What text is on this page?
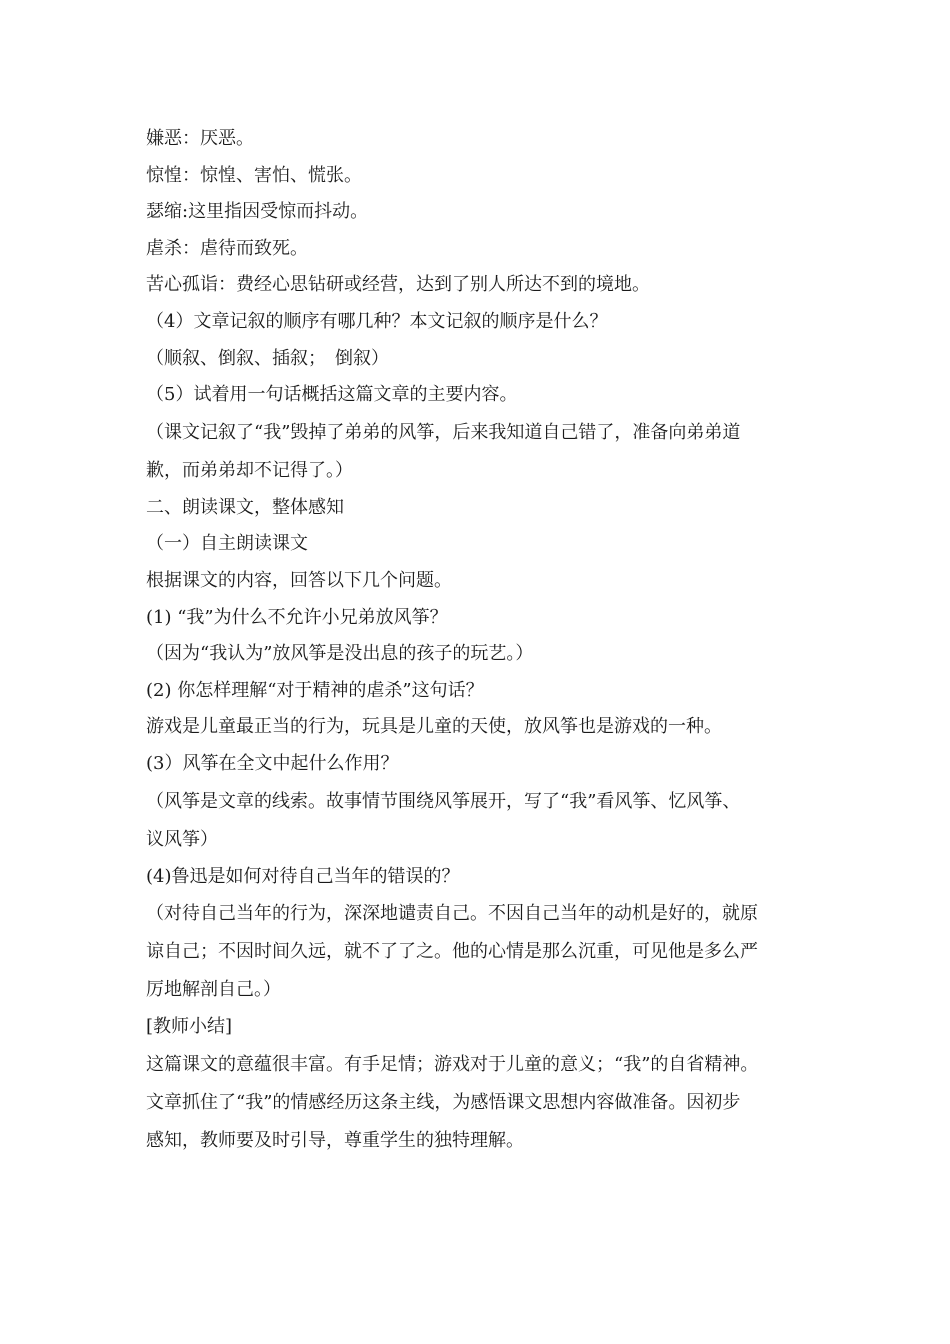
嫌恶：厌恶。
惊惶：惊惶、害怕、慌张。
瑟缩:这里指因受惊而抖动。
虐杀：虐待而致死。
苦心孤诣：费经心思钻研或经营，达到了别人所达不到的境地。
（4）文章记叙的顺序有哪几种？本文记叙的顺序是什么？
（顺叙、倒叙、插叙；　倒叙）
（5）试着用一句话概括这篇文章的主要内容。
（课文记叙了“我”毁掉了弟弟的风筝，后来我知道自己错了，准备向弟弟道
歉，而弟弟却不记得了。）
二、朗读课文，整体感知
（一）自主朗读课文
根据课文的内容，回答以下几个问题。
(1) “我”为什么不允许小兄弟放风筝？
（因为“我认为”放风筝是没出息的孩子的玩艺。）
(2) 你怎样理解“对于精神的虐杀”这句话？
游戏是儿童最正当的行为，玩具是儿童的天使，放风筝也是游戏的一种。
(3）风筝在全文中起什么作用？
（风筝是文章的线索。故事情节围绕风筝展开，写了“我”看风筝、忆风筝、
议风筝）
(4)鲁迅是如何对待自己当年的错误的？
（对待自己当年的行为，深深地谴责自己。不因自己当年的动机是好的，就原
谅自己；不因时间久远，就不了了之。他的心情是那么沉重，可见他是多么严
厉地解剖自己。）
[教师小结]
这篇课文的意蕴很丰富。有手足情；游戏对于儿童的意义；“我”的自省精神。
文章抓住了“我”的情感经历这条主线，为感悟课文思想内容做准备。因初步
感知，教师要及时引导，尊重学生的独特理解。
